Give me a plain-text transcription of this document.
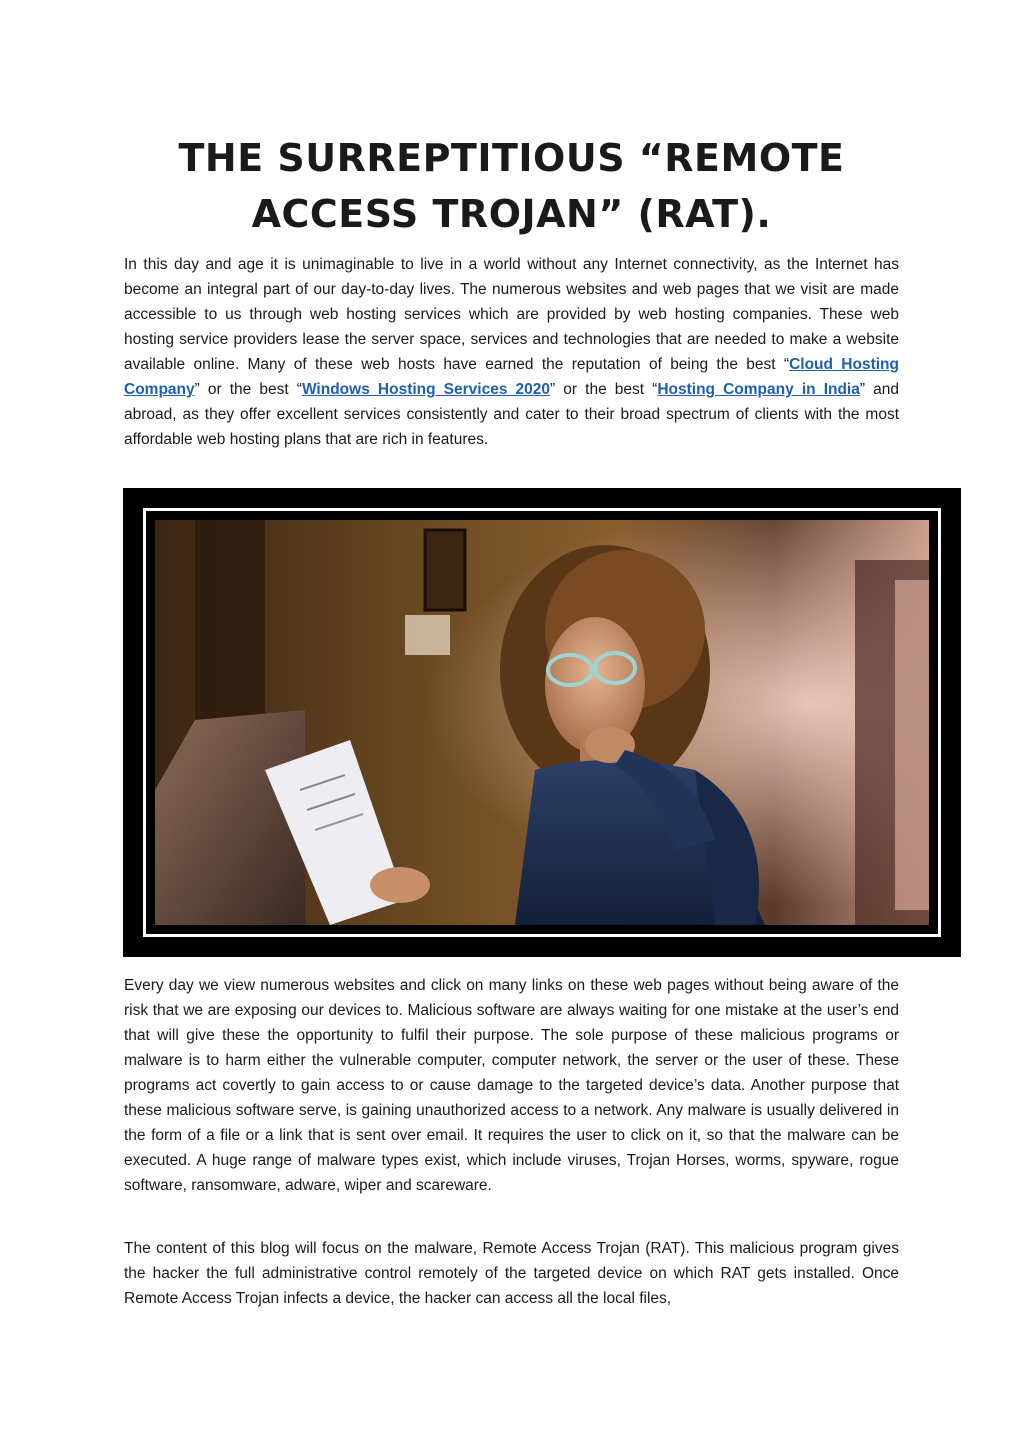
THE SURREPTITIOUS “REMOTE
ACCESS TROJAN” (RAT).

In this day and age it is unimaginable to live in a world without any Internet connectivity, as the Internet has become an integral part of our day-to-day lives. The numerous websites and web pages that we visit are made accessible to us through web hosting services which are provided by web hosting companies. These web hosting service providers lease the server space, services and technologies that are needed to make a website available online. Many of these web hosts have earned the reputation of being the best “Cloud Hosting Company” or the best “Windows Hosting Services 2020” or the best “Hosting Company in India” and abroad, as they offer excellent services consistently and cater to their broad spectrum of clients with the most affordable web hosting plans that are rich in features.

Every day we view numerous websites and click on many links on these web pages without being aware of the risk that we are exposing our devices to. Malicious software are always waiting for one mistake at the user’s end that will give these the opportunity to fulfil their purpose. The sole purpose of these malicious programs or malware is to harm either the vulnerable computer, computer network, the server or the user of these. These programs act covertly to gain access to or cause damage to the targeted device’s data. Another purpose that these malicious software serve, is gaining unauthorized access to a network. Any malware is usually delivered in the form of a file or a link that is sent over email. It requires the user to click on it, so that the malware can be executed. A huge range of malware types exist, which include viruses, Trojan Horses, worms, spyware, rogue software, ransomware, adware, wiper and scareware.

The content of this blog will focus on the malware, Remote Access Trojan (RAT). This malicious program gives the hacker the full administrative control remotely of the targeted device on which RAT gets installed. Once Remote Access Trojan infects a device, the hacker can access all the local files,
